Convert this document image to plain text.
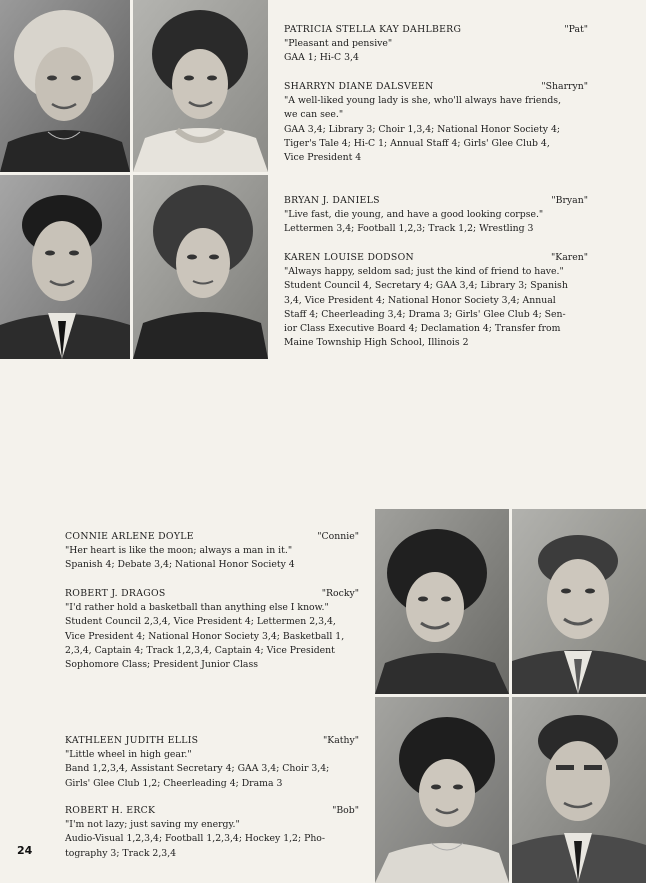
PATRICIA STELLA KAY DAHLBERG	"Pat"

"Pleasant and pensive"

GAA 1; Hi-C 3,4
SHARRYN DIANE DALSVEEN	"Sharryn"
"A well-liked young lady is she, who'll always have friends,
we can see."
GAA 3,4; Library 3; Choir 1,3,4; National Honor Society 4;
Tiger's Tale 4; Hi-C 1; Annual Staff 4; Girls' Glee Club 4,
Vice President 4
BRYAN J. DANIELS	"Bryan"

"Live fast, die young, and have a good looking corpse."

Lettermen 3,4; Football 1,2,3; Track 1,2; Wrestling 3
KAREN LOUISE DODSON	"Karen"

"Always happy, seldom sad; just the kind of friend to have."

Student Council 4, Secretary 4; GAA 3,4; Library 3; Spanish
3,4, Vice President 4; National Honor Society 3,4; Annual
Staff 4; Cheerleading 3,4; Drama 3; Girls' Glee Club 4; Sen-
ior Class Executive Board 4; Declamation 4; Transfer from
Maine Township High School, Illinois 2
CONNIE ARLENE DOYLE	"Connie"

"Her heart is like the moon; always a man in it."

Spanish 4; Debate 3,4; National Honor Society 4
ROBERT J. DRAGOS	"Rocky"

"I'd rather hold a basketball than anything else I know."

Student Council 2,3,4, Vice President 4; Lettermen 2,3,4,
Vice President 4; National Honor Society 3,4; Basketball 1,
2,3,4, Captain 4; Track 1,2,3,4, Captain 4; Vice President
Sophomore Class; President Junior Class
KATHLEEN JUDITH ELLIS	"Kathy"

"Little wheel in high gear."

Band 1,2,3,4, Assistant Secretary 4; GAA 3,4; Choir 3,4;
Girls' Glee Club 1,2; Cheerleading 4; Drama 3
ROBERT H. ERCK	"Bob"

"I'm not lazy; just saving my energy."

Audio-Visual 1,2,3,4; Football 1,2,3,4; Hockey 1,2; Pho-
tography 3; Track 2,3,4
24
